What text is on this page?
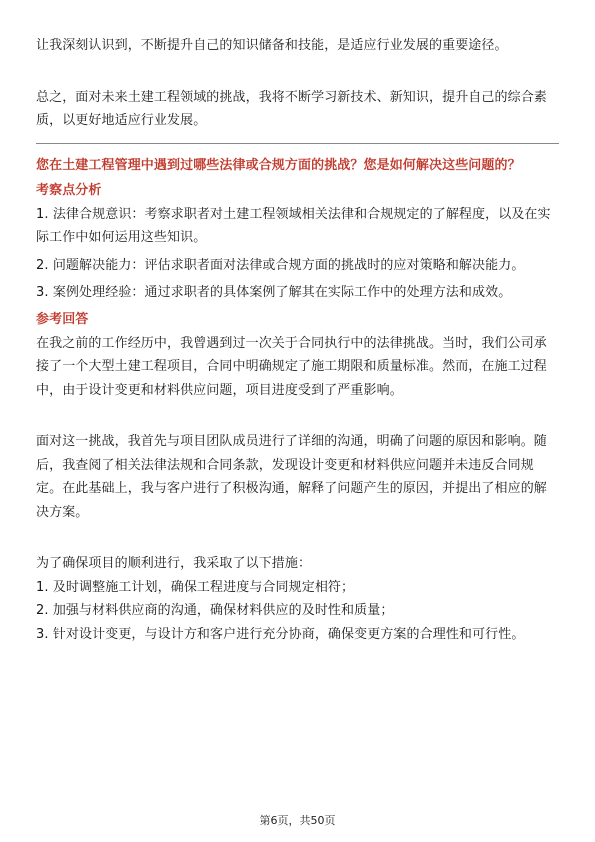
让我深刻认识到，不断提升自己的知识储备和技能，是适应行业发展的重要途径。

总之，面对未来土建工程领域的挑战，我将不断学习新技术、新知识，提升自己的综合素质，以更好地适应行业发展。

您在土建工程管理中遇到过哪些法律或合规方面的挑战？您是如何解决这些问题的？

考察点分析

1. 法律合规意识：考察求职者对土建工程领域相关法律和合规规定的了解程度，以及在实际工作中如何运用这些知识。

2. 问题解决能力：评估求职者面对法律或合规方面的挑战时的应对策略和解决能力。

3. 案例处理经验：通过求职者的具体案例了解其在实际工作中的处理方法和成效。

参考回答

在我之前的工作经历中，我曾遇到过一次关于合同执行中的法律挑战。当时，我们公司承接了一个大型土建工程项目，合同中明确规定了施工期限和质量标准。然而，在施工过程中，由于设计变更和材料供应问题，项目进度受到了严重影响。

面对这一挑战，我首先与项目团队成员进行了详细的沟通，明确了问题的原因和影响。随后，我查阅了相关法律法规和合同条款，发现设计变更和材料供应问题并未违反合同规定。在此基础上，我与客户进行了积极沟通，解释了问题产生的原因，并提出了相应的解决方案。

为了确保项目的顺利进行，我采取了以下措施：

1. 及时调整施工计划，确保工程进度与合同规定相符；

2. 加强与材料供应商的沟通，确保材料供应的及时性和质量；

3. 针对设计变更，与设计方和客户进行充分协商，确保变更方案的合理性和可行性。

第6页，共50页
